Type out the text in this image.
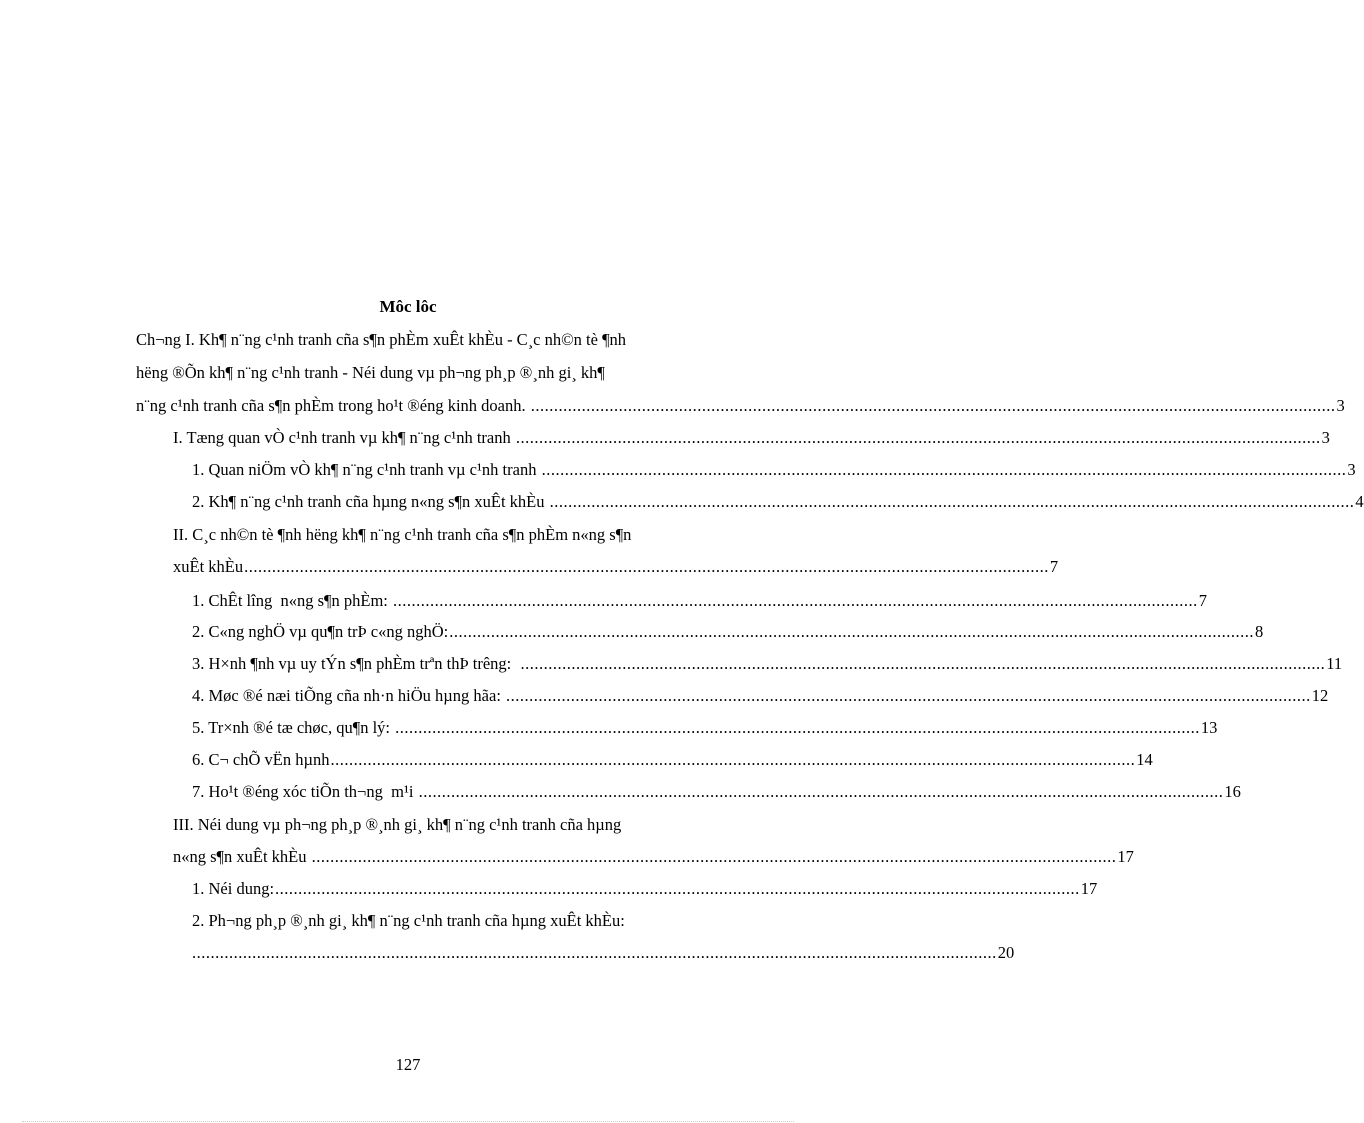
Môc lôc
Ch¬ng I. Kh¶ n¨ng c¹nh tranh cña s¶n phÈm xuÊt khÈu - C¸c nh©n tè ¶nh
hëng ®Õn kh¶ n¨ng c¹nh tranh - Néi dung vµ ph¬ng ph¸p ®¸nh gi¸ kh¶
n¨ng c¹nh tranh cña s¶n phÈm trong ho¹t ®éng kinh doanh. .............................................................................................................................................................................. 3
I. Tæng quan vÒ c¹nh tranh vµ kh¶ n¨ng c¹nh tranh .............................................................................................................................................................................. 3
1. Quan niÖm vÒ kh¶ n¨ng c¹nh tranh vµ c¹nh tranh .............................................................................................................................................................................. 3
2. Kh¶ n¨ng c¹nh tranh cña hµng n«ng s¶n xuÊt khÈu .............................................................................................................................................................................. 4
II. C¸c nh©n tè ¶nh hëng kh¶ n¨ng c¹nh tranh cña s¶n phÈm n«ng s¶n
xuÊt khÈu .............................................................................................................................................................................. 7
1. ChÊt lîng  n«ng s¶n phÈm: .............................................................................................................................................................................. 7
2. C«ng nghÖ vµ qu¶n trÞ c«ng nghÖ: .............................................................................................................................................................................. 8
3. H×nh ¶nh vµ uy tÝn s¶n phÈm trªn thÞ trêng: .............................................................................................................................................................................. 11
4. Møc ®é næi tiÕng cña nh·n hiÖu hµng hãa: .............................................................................................................................................................................. 12
5. Tr×nh ®é tæ chøc, qu¶n lý: .............................................................................................................................................................................. 13
6. C¬ chÕ vËn hµnh .............................................................................................................................................................................. 14
7. Ho¹t ®éng xóc tiÕn th¬ng  m¹i .............................................................................................................................................................................. 16
III. Néi dung vµ ph¬ng ph¸p ®¸nh gi¸ kh¶ n¨ng c¹nh tranh cña hµng
n«ng s¶n xuÊt khÈu .............................................................................................................................................................................. 17
1. Néi dung: .............................................................................................................................................................................. 17
2. Ph¬ng ph¸p ®¸nh gi¸ kh¶ n¨ng c¹nh tranh cña hµng xuÊt khÈu:
.............................................................................................................................................................................. 20
127
